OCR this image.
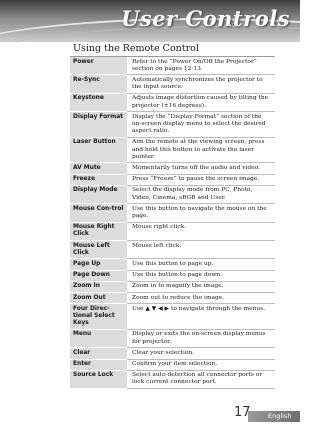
User Controls
Using the Remote Control
Power	Refer to the “Power On/Off the Projector” section on pages 12-13.
Re-Sync	Automatically synchronizes the projector to the input source.
Keystone	Adjusts image distortion caused by tilting the projector (±16 degrees).
Display Format	Display the “Display Format” section of the on-screen display menu to select the desired aspect ratio.
Laser Button	Aim the remote at the viewing screen, press and hold this button to activate the laser pointer.
AV Mute	Momentarily turns off the audio and video.
Freeze	Press “Freeze” to pause the screen image.
Display Mode	Select the display mode from PC, Photo, Video, Cinema, sRGB and User.
Mouse Con-trol	Use this button to navigate the mouse on the page.
Mouse Right Click	Mouse right click.
Mouse Left Click	Mouse left click.
Page Up	Use this button to page up.
Page Down	Use this button to page down.
Zoom In	Zoom in to magnify the image.
Zoom Out	Zoom out to reduce the image.
Four Direc-tional Select Keys	Use ▲ ▼ ◀ ▶ to navigate through the menus.
Menu	Display or exits the on-screen display menus for projector.
Clear	Clear your selection.
Enter	Confirm your item selection.
Source Lock	Select auto detection all connector ports or lock current connector port.
17	English
